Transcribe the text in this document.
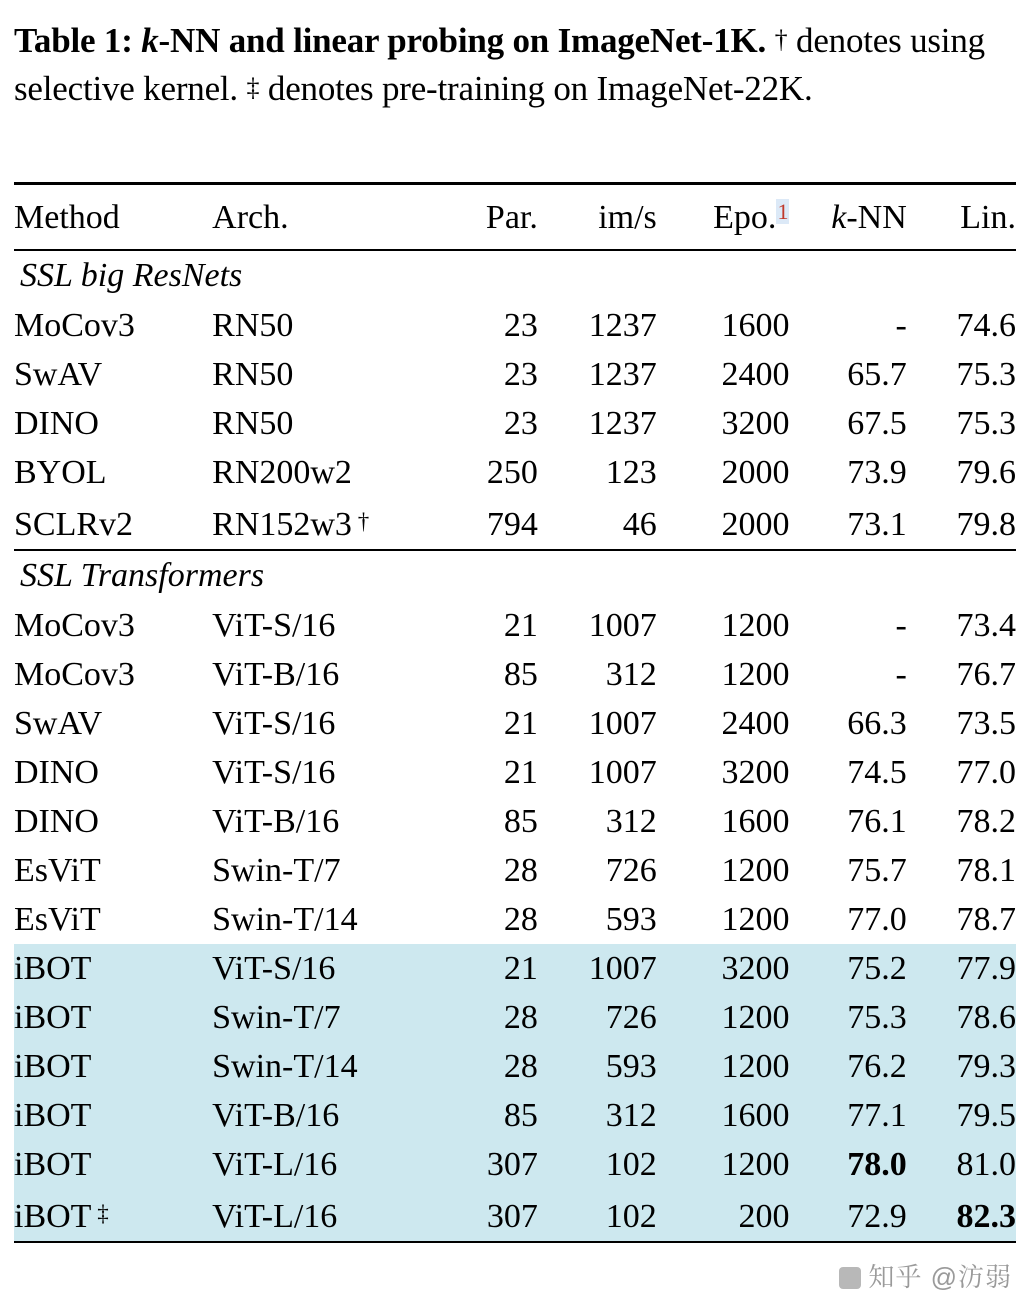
Table 1: k-NN and linear probing on ImageNet-1K. † denotes using selective kernel. ‡ denotes pre-training on ImageNet-22K.
Method	Arch.	Par.	im/s	Epo.$^1$	k-NN	Lin.
SSL big ResNets						
MoCov3	RN50	23	1237	1600	-	74.6
SwAV	RN50	23	1237	2400	65.7	75.3
DINO	RN50	23	1237	3200	67.5	75.3
BYOL	RN200w2	250	123	2000	73.9	79.6
SCLRv2	RN152w3 †	794	46	2000	73.1	79.8
SSL Transformers						
MoCov3	ViT-S/16	21	1007	1200	-	73.4
MoCov3	ViT-B/16	85	312	1200	-	76.7
SwAV	ViT-S/16	21	1007	2400	66.3	73.5
DINO	ViT-S/16	21	1007	3200	74.5	77.0
DINO	ViT-B/16	85	312	1600	76.1	78.2
EsViT	Swin-T/7	28	726	1200	75.7	78.1
EsViT	Swin-T/14	28	593	1200	77.0	78.7
iBOT	ViT-S/16	21	1007	3200	75.2	77.9
iBOT	Swin-T/7	28	726	1200	75.3	78.6
iBOT	Swin-T/14	28	593	1200	76.2	79.3
iBOT	ViT-B/16	85	312	1600	77.1	79.5
iBOT	ViT-L/16	307	102	1200	78.0	81.0
iBOT ‡	ViT-L/16	307	102	200	72.9	82.3
知乎 @汸弱
